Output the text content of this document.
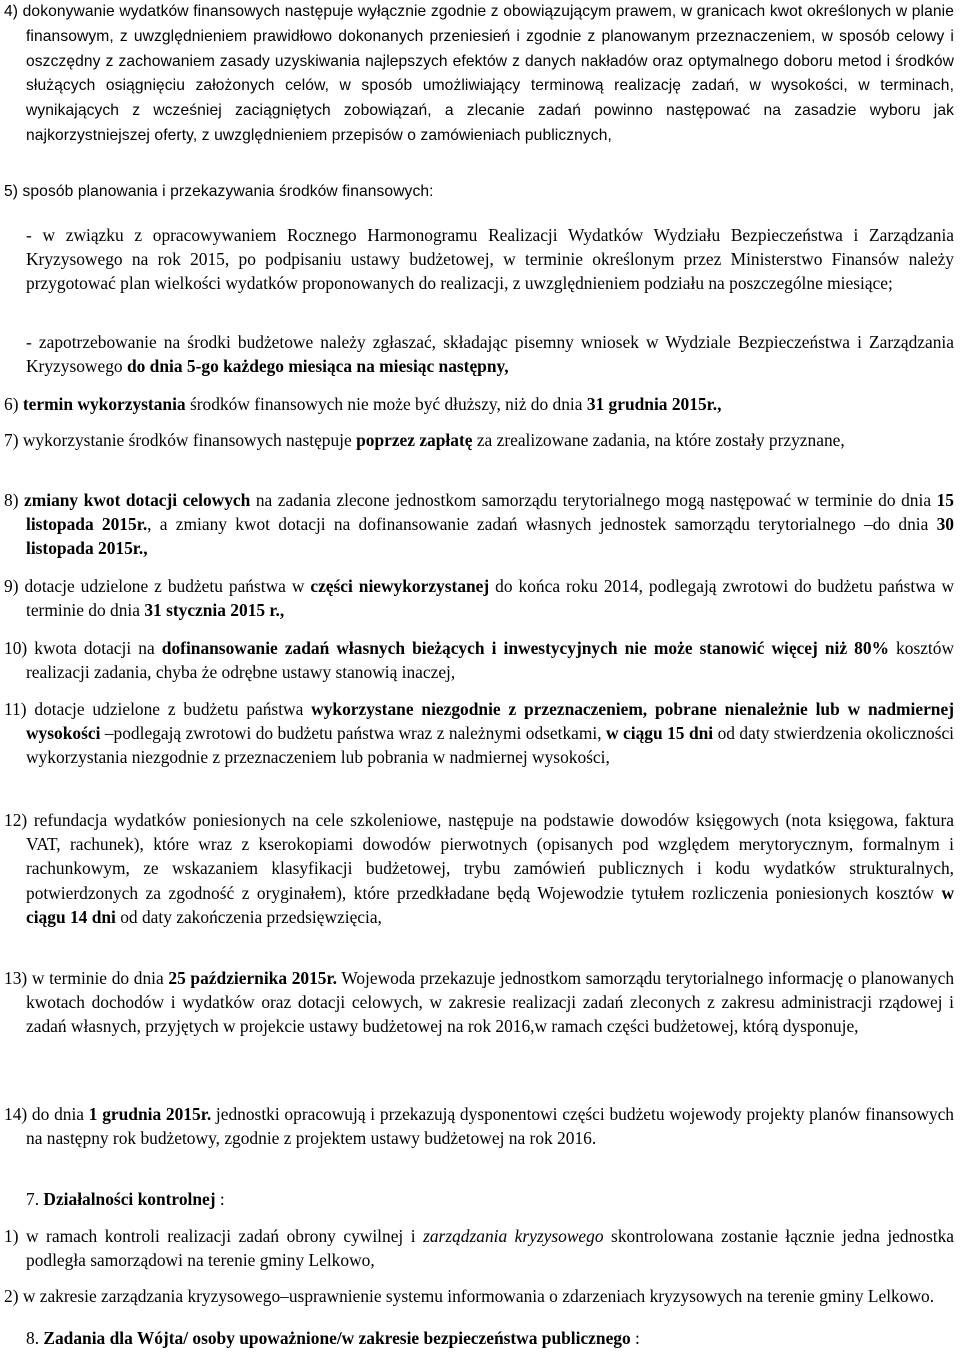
4) dokonywanie wydatków finansowych następuje wyłącznie zgodnie z obowiązującym prawem, w granicach kwot określonych w planie finansowym, z uwzględnieniem prawidłowo dokonanych przeniesień i zgodnie z planowanym przeznaczeniem, w sposób celowy i oszczędny z zachowaniem zasady uzyskiwania najlepszych efektów z danych nakładów oraz optymalnego doboru metod i środków służących osiągnięciu założonych celów, w sposób umożliwiający terminową realizację zadań, w wysokości, w terminach, wynikających z wcześniej zaciągniętych zobowiązań, a zlecanie zadań powinno następować na zasadzie wyboru jak najkorzystniejszej oferty, z uwzględnieniem przepisów o zamówieniach publicznych,
5) sposób planowania i przekazywania środków finansowych:
- w związku z opracowywaniem Rocznego Harmonogramu Realizacji Wydatków Wydziału Bezpieczeństwa i Zarządzania Kryzysowego na rok 2015, po podpisaniu ustawy budżetowej, w terminie określonym przez Ministerstwo Finansów należy przygotować plan wielkości wydatków proponowanych do realizacji, z uwzględnieniem podziału na poszczególne miesiące;
- zapotrzebowanie na środki budżetowe należy zgłaszać, składając pisemny wniosek w Wydziale Bezpieczeństwa i Zarządzania Kryzysowego do dnia 5-go każdego miesiąca na miesiąc następny,
6) termin wykorzystania środków finansowych nie może być dłuższy, niż do dnia 31 grudnia 2015r.,
7) wykorzystanie środków finansowych następuje poprzez zapłatę za zrealizowane zadania, na które zostały przyznane,
8) zmiany kwot dotacji celowych na zadania zlecone jednostkom samorządu terytorialnego mogą następować w terminie do dnia 15 listopada 2015r., a zmiany kwot dotacji na dofinansowanie zadań własnych jednostek samorządu terytorialnego –do dnia 30 listopada 2015r.,
9) dotacje udzielone z budżetu państwa w części niewykorzystanej do końca roku 2014, podlegają zwrotowi do budżetu państwa w terminie do dnia 31 stycznia 2015 r.,
10) kwota dotacji na dofinansowanie zadań własnych bieżących i inwestycyjnych nie może stanowić więcej niż 80% kosztów realizacji zadania, chyba że odrębne ustawy stanowią inaczej,
11) dotacje udzielone z budżetu państwa wykorzystane niezgodnie z przeznaczeniem, pobrane nienależnie lub w nadmiernej wysokości –podlegają zwrotowi do budżetu państwa wraz z należnymi odsetkami, w ciągu 15 dni od daty stwierdzenia okoliczności wykorzystania niezgodnie z przeznaczeniem lub pobrania w nadmiernej wysokości,
12) refundacja wydatków poniesionych na cele szkoleniowe, następuje na podstawie dowodów księgowych (nota księgowa, faktura VAT, rachunek), które wraz z kserokopiami dowodów pierwotnych (opisanych pod względem merytorycznym, formalnym i rachunkowym, ze wskazaniem klasyfikacji budżetowej, trybu zamówień publicznych i kodu wydatków strukturalnych, potwierdzonych za zgodność z oryginałem), które przedkładane będą Wojewodzie tytułem rozliczenia poniesionych kosztów w ciągu 14 dni od daty zakończenia przedsięwzięcia,
13) w terminie do dnia 25 października 2015r. Wojewoda przekazuje jednostkom samorządu terytorialnego informację o planowanych kwotach dochodów i wydatków oraz dotacji celowych, w zakresie realizacji zadań zleconych z zakresu administracji rządowej i zadań własnych, przyjętych w projekcie ustawy budżetowej na rok 2016,w ramach części budżetowej, którą dysponuje,
14) do dnia 1 grudnia 2015r. jednostki opracowują i przekazują dysponentowi części budżetu wojewody projekty planów finansowych na następny rok budżetowy, zgodnie z projektem ustawy budżetowej na rok 2016.
7. Działalności kontrolnej :
1) w ramach kontroli realizacji zadań obrony cywilnej i zarządzania kryzysowego skontrolowana zostanie łącznie jedna jednostka podległa samorządowi na terenie gminy Lelkowo,
2) w zakresie zarządzania kryzysowego–usprawnienie systemu informowania o zdarzeniach kryzysowych na terenie gminy Lelkowo.
8. Zadania dla Wójta/ osoby upoważnione/w zakresie bezpieczeństwa publicznego :
